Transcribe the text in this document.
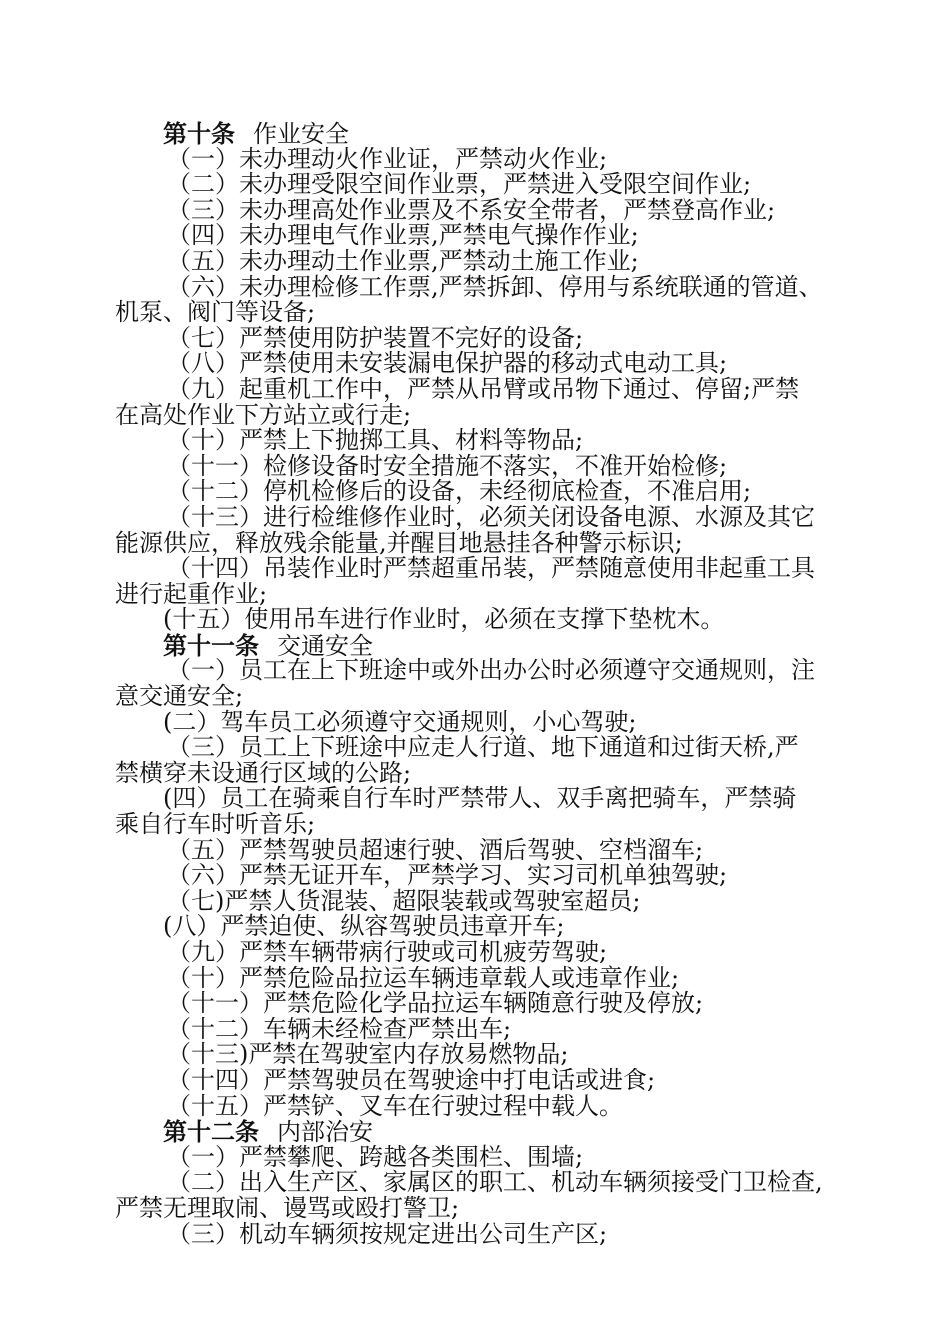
第十条 作业安全
（一）未办理动火作业证，严禁动火作业;
（二）未办理受限空间作业票，严禁进入受限空间作业;
（三）未办理高处作业票及不系安全带者，严禁登高作业;
（四）未办理电气作业票,严禁电气操作作业;
（五）未办理动土作业票,严禁动土施工作业;
（六）未办理检修工作票,严禁拆卸、停用与系统联通的管道、
机泵、阀门等设备;
（七）严禁使用防护装置不完好的设备;
（八）严禁使用未安装漏电保护器的移动式电动工具;
（九）起重机工作中，严禁从吊臂或吊物下通过、停留;严禁
在高处作业下方站立或行走;
（十）严禁上下抛掷工具、材料等物品;
（十一）检修设备时安全措施不落实，不准开始检修;
（十二）停机检修后的设备，未经彻底检查，不准启用;
（十三）进行检维修作业时，必须关闭设备电源、水源及其它
能源供应，释放残余能量,并醒目地悬挂各种警示标识;
（十四）吊装作业时严禁超重吊装，严禁随意使用非起重工具
进行起重作业;
(十五）使用吊车进行作业时，必须在支撑下垫枕木。
第十一条 交通安全
（一）员工在上下班途中或外出办公时必须遵守交通规则，注
意交通安全;
(二）驾车员工必须遵守交通规则，小心驾驶;
（三）员工上下班途中应走人行道、地下通道和过街天桥,严
禁横穿未设通行区域的公路;
(四）员工在骑乘自行车时严禁带人、双手离把骑车，严禁骑
乘自行车时听音乐;
（五）严禁驾驶员超速行驶、酒后驾驶、空档溜车;
（六）严禁无证开车，严禁学习、实习司机单独驾驶;
（七)严禁人货混装、超限装载或驾驶室超员;
(八）严禁迫使、纵容驾驶员违章开车;
（九）严禁车辆带病行驶或司机疲劳驾驶;
（十）严禁危险品拉运车辆违章载人或违章作业;
（十一）严禁危险化学品拉运车辆随意行驶及停放;
（十二）车辆未经检查严禁出车;
（十三)严禁在驾驶室内存放易燃物品;
（十四）严禁驾驶员在驾驶途中打电话或进食;
（十五）严禁铲、叉车在行驶过程中载人。
第十二条 内部治安
（一）严禁攀爬、跨越各类围栏、围墙;
（二）出入生产区、家属区的职工、机动车辆须接受门卫检查,
严禁无理取闹、谩骂或殴打警卫;
（三）机动车辆须按规定进出公司生产区;
